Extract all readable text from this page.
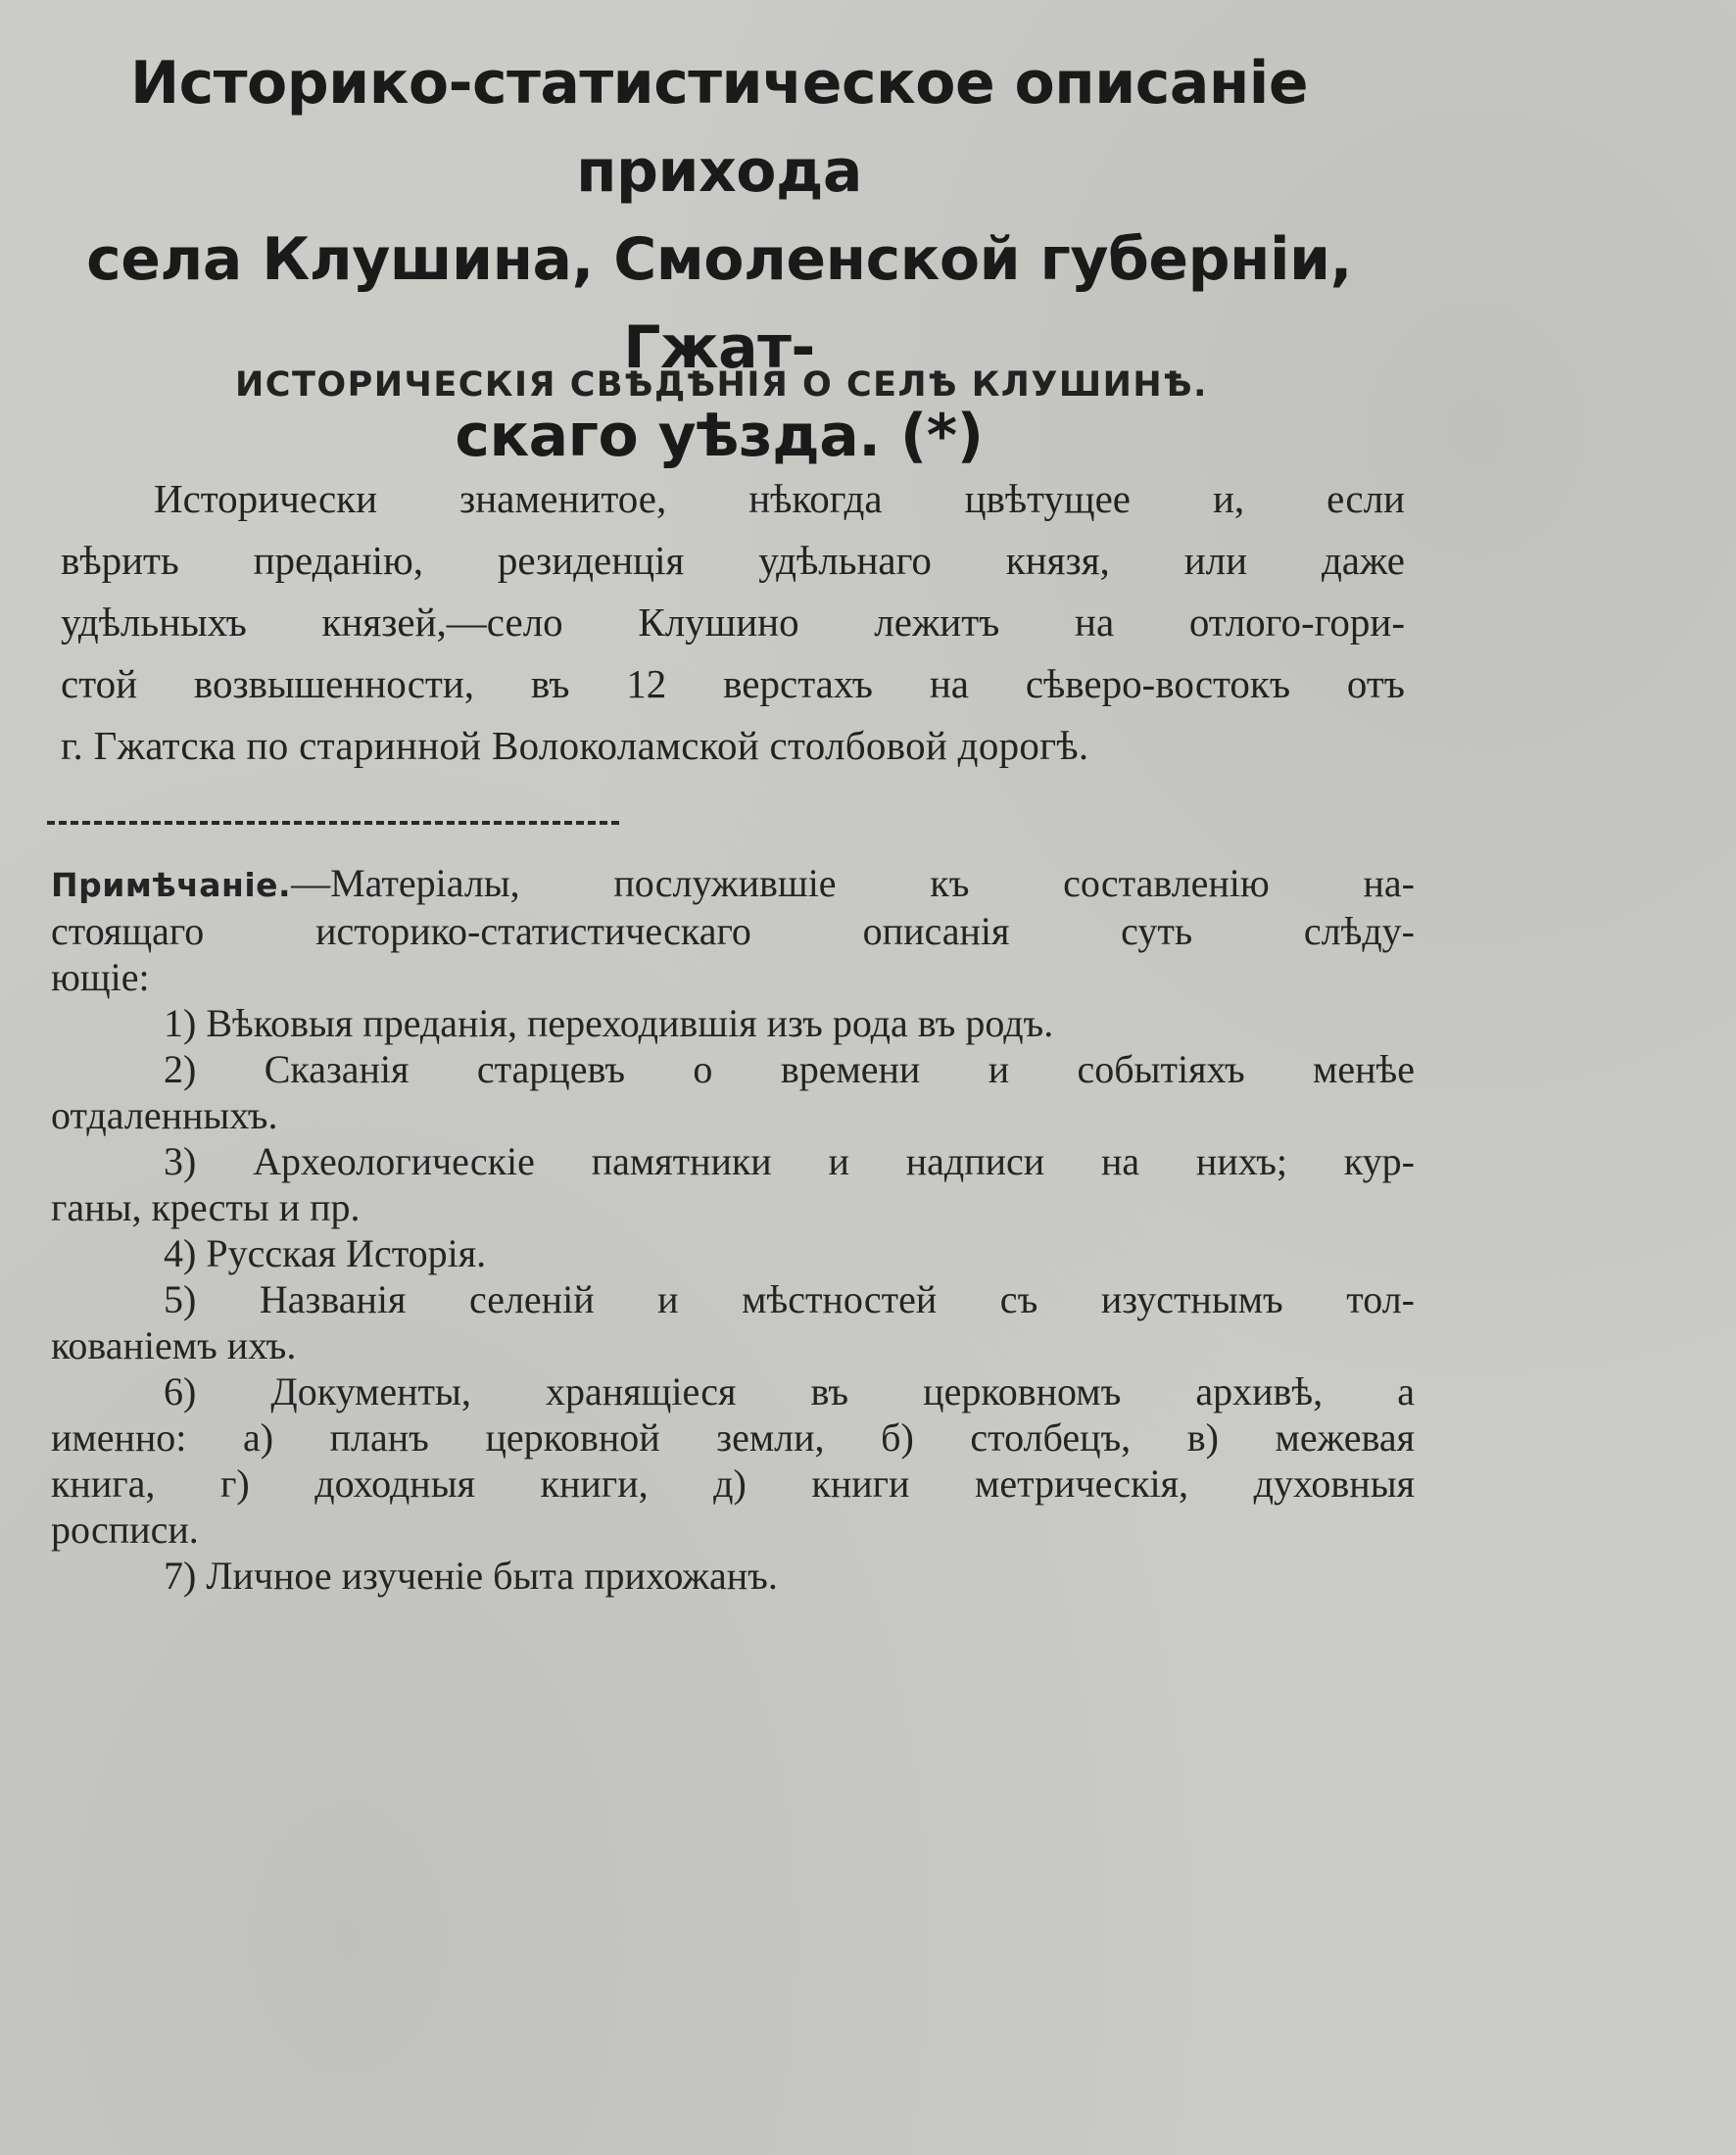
Историко-статистическое описаніе прихода
села Клушина, Смоленской губерніи, Гжат-
скаго уѣзда. (*)
ИСТОРИЧЕСКІЯ СВѢДѢНІЯ О СЕЛѢ КЛУШИНѢ.

Исторически знаменитое, нѣкогда цвѣтущее и, если
вѣрить преданію, резиденція удѣльнаго князя, или даже
удѣльныхъ князей,—село Клушино лежитъ на отлого-гори-
стой возвышенности, въ 12 верстахъ на сѣверо-востокъ отъ
г. Гжатска по старинной Волоколамской столбовой дорогѣ.

Примѣчаніе.—Матеріалы, послужившіе къ составленію на-
стоящаго историко-статистическаго описанія суть слѣду-
ющіе:
1) Вѣковыя преданія, переходившія изъ рода въ родъ.
2) Сказанія старцевъ о времени и событіяхъ менѣе
отдаленныхъ.
3) Археологическіе памятники и надписи на нихъ; кур-
ганы, кресты и пр.
4) Русская Исторія.
5) Названія селеній и мѣстностей съ изустнымъ тол-
кованіемъ ихъ.
6) Документы, хранящіеся въ церковномъ архивѣ, а
именно: а) планъ церковной земли, б) столбецъ, в) межевая
книга, г) доходныя книги, д) книги метрическія, духовныя
росписи.
7) Личное изученіе быта прихожанъ.
